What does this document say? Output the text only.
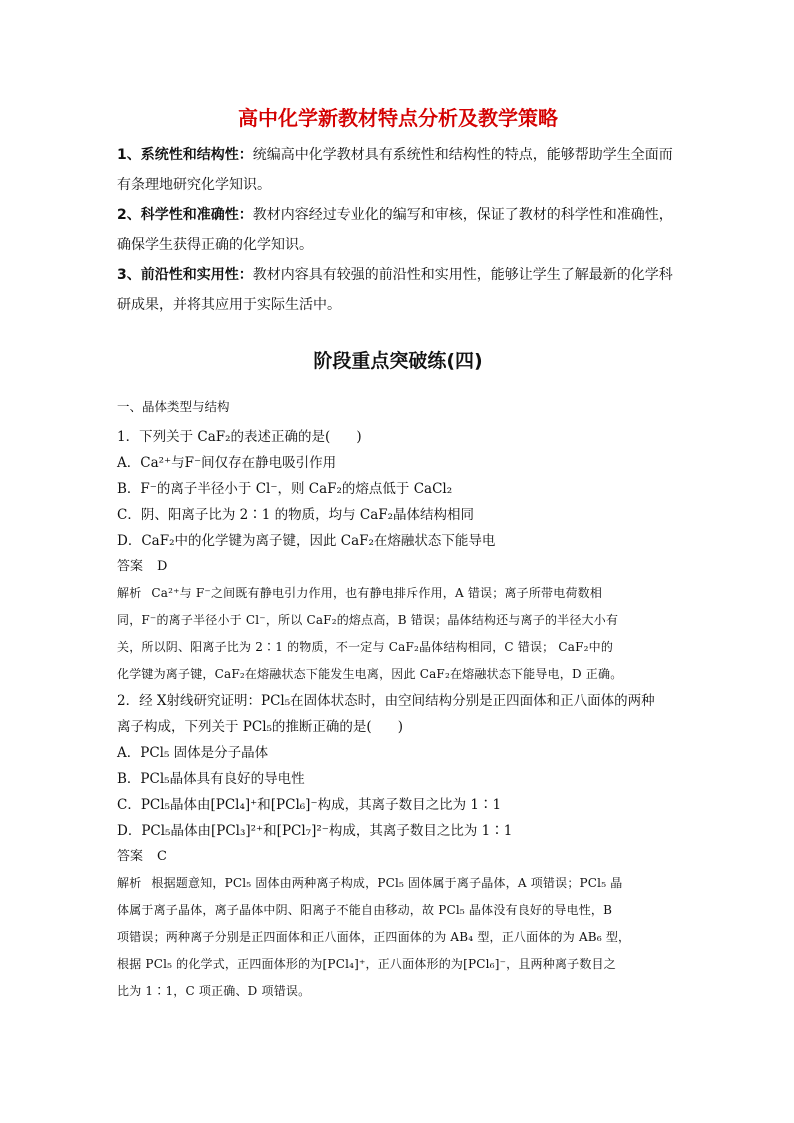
高中化学新教材特点分析及教学策略

1、系统性和结构性：统编高中化学教材具有系统性和结构性的特点，能够帮助学生全面而

有条理地研究化学知识。

2、科学性和准确性：教材内容经过专业化的编写和审核，保证了教材的科学性和准确性，

确保学生获得正确的化学知识。

3、前沿性和实用性：教材内容具有较强的前沿性和实用性，能够让学生了解最新的化学科

研成果，并将其应用于实际生活中。

阶段重点突破练(四)
一、晶体类型与结构

1．下列关于 CaF₂的表述正确的是( )

A．Ca²⁺与F⁻间仅存在静电吸引作用

B．F⁻的离子半径小于 Cl⁻，则 CaF₂的熔点低于 CaCl₂

C．阴、阳离子比为 2∶1 的物质，均与 CaF₂晶体结构相同

D．CaF₂中的化学键为离子键，因此 CaF₂在熔融状态下能导电

答案 D

解析 Ca²⁺与 F⁻之间既有静电引力作用，也有静电排斥作用，A 错误；离子所带电荷数相

同，F⁻的离子半径小于 Cl⁻，所以 CaF₂的熔点高，B 错误；晶体结构还与离子的半径大小有

关，所以阴、阳离子比为 2∶1 的物质，不一定与 CaF₂晶体结构相同，C 错误； CaF₂中的

化学键为离子键，CaF₂在熔融状态下能发生电离，因此 CaF₂在熔融状态下能导电，D 正确。

2．经 X射线研究证明：PCl₅在固体状态时，由空间结构分别是正四面体和正八面体的两种

离子构成，下列关于 PCl₅的推断正确的是( )

A．PCl₅ 固体是分子晶体

B．PCl₅晶体具有良好的导电性

C．PCl₅晶体由[PCl₄]⁺和[PCl₆]⁻构成，其离子数目之比为 1∶1

D．PCl₅晶体由[PCl₃]²⁺和[PCl₇]²⁻构成，其离子数目之比为 1∶1

答案 C

解析 根据题意知，PCl₅ 固体由两种离子构成，PCl₅ 固体属于离子晶体，A 项错误；PCl₅ 晶

体属于离子晶体，离子晶体中阴、阳离子不能自由移动，故 PCl₅ 晶体没有良好的导电性，B

项错误；两种离子分别是正四面体和正八面体，正四面体的为 AB₄ 型，正八面体的为 AB₆ 型，

根据 PCl₅ 的化学式，正四面体形的为[PCl₄]⁺，正八面体形的为[PCl₆]⁻，且两种离子数目之

比为 1∶1，C 项正确、D 项错误。
